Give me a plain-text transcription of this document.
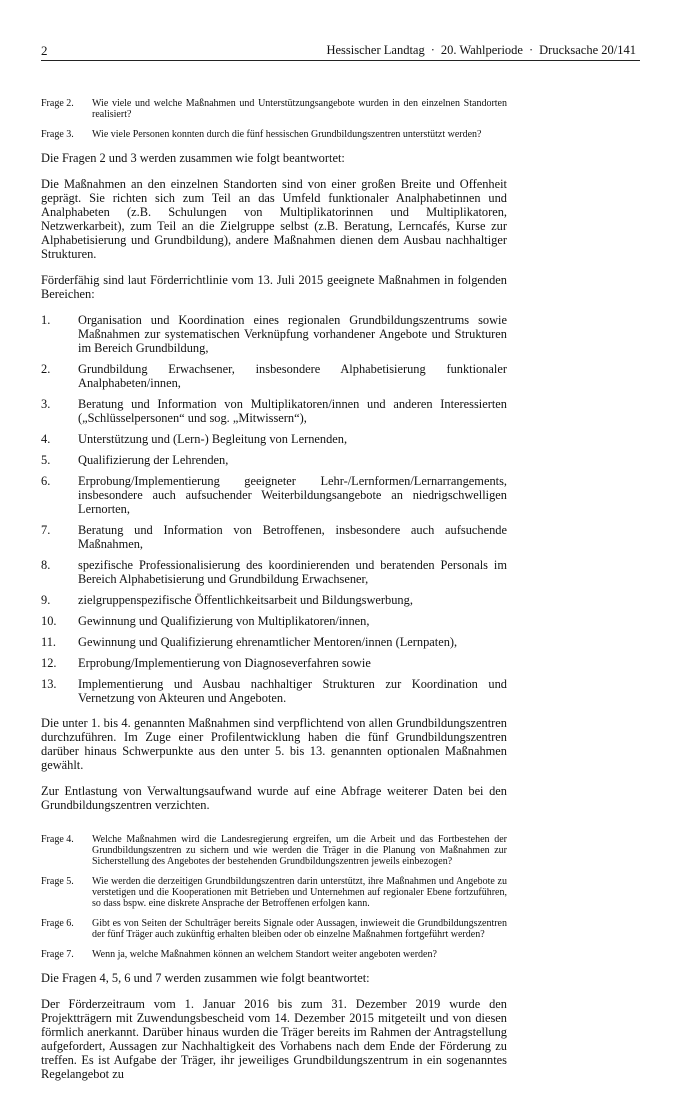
2	Hessischer Landtag · 20. Wahlperiode · Drucksache 20/141
Frage 2.	Wie viele und welche Maßnahmen und Unterstützungsangebote wurden in den einzelnen Standorten realisiert?
Frage 3.	Wie viele Personen konnten durch die fünf hessischen Grundbildungszentren unterstützt werden?

Die Fragen 2 und 3 werden zusammen wie folgt beantwortet:

Die Maßnahmen an den einzelnen Standorten sind von einer großen Breite und Offenheit geprägt. Sie richten sich zum Teil an das Umfeld funktionaler Analphabetinnen und Analphabeten (z.B. Schulungen von Multiplikatorinnen und Multiplikatoren, Netzwerkarbeit), zum Teil an die Zielgruppe selbst (z.B. Beratung, Lerncafés, Kurse zur Alphabetisierung und Grundbildung), andere Maßnahmen dienen dem Ausbau nachhaltiger Strukturen.

Förderfähig sind laut Förderrichtlinie vom 13. Juli 2015 geeignete Maßnahmen in folgenden Bereichen:

1.	Organisation und Koordination eines regionalen Grundbildungszentrums sowie Maßnahmen zur systematischen Verknüpfung vorhandener Angebote und Strukturen im Bereich Grundbildung,
2.	Grundbildung Erwachsener, insbesondere Alphabetisierung funktionaler Analphabeten/innen,
3.	Beratung und Information von Multiplikatoren/innen und anderen Interessierten („Schlüsselpersonen“ und sog. „Mitwissern“),
4.	Unterstützung und (Lern-) Begleitung von Lernenden,
5.	Qualifizierung der Lehrenden,
6.	Erprobung/Implementierung geeigneter Lehr-/Lernformen/Lernarrangements, insbesondere auch aufsuchender Weiterbildungsangebote an niedrigschwelligen Lernorten,
7.	Beratung und Information von Betroffenen, insbesondere auch aufsuchende Maßnahmen,
8.	spezifische Professionalisierung des koordinierenden und beratenden Personals im Bereich Alphabetisierung und Grundbildung Erwachsener,
9.	zielgruppenspezifische Öffentlichkeitsarbeit und Bildungswerbung,
10.	Gewinnung und Qualifizierung von Multiplikatoren/innen,
11.	Gewinnung und Qualifizierung ehrenamtlicher Mentoren/innen (Lernpaten),
12.	Erprobung/Implementierung von Diagnoseverfahren sowie
13.	Implementierung und Ausbau nachhaltiger Strukturen zur Koordination und Vernetzung von Akteuren und Angeboten.

Die unter 1. bis 4. genannten Maßnahmen sind verpflichtend von allen Grundbildungszentren durchzuführen. Im Zuge einer Profilentwicklung haben die fünf Grundbildungszentren darüber hinaus Schwerpunkte aus den unter 5. bis 13. genannten optionalen Maßnahmen gewählt.

Zur Entlastung von Verwaltungsaufwand wurde auf eine Abfrage weiterer Daten bei den Grundbildungszentren verzichten.

Frage 4.	Welche Maßnahmen wird die Landesregierung ergreifen, um die Arbeit und das Fortbestehen der Grundbildungszentren zu sichern und wie werden die Träger in die Planung von Maßnahmen zur Sicherstellung des Angebotes der bestehenden Grundbildungszentren jeweils einbezogen?
Frage 5.	Wie werden die derzeitigen Grundbildungszentren darin unterstützt, ihre Maßnahmen und Angebote zu verstetigen und die Kooperationen mit Betrieben und Unternehmen auf regionaler Ebene fortzuführen, so dass bspw. eine diskrete Ansprache der Betroffenen erfolgen kann.
Frage 6.	Gibt es von Seiten der Schulträger bereits Signale oder Aussagen, inwieweit die Grundbildungszentren der fünf Träger auch zukünftig erhalten bleiben oder ob einzelne Maßnahmen fortgeführt werden?
Frage 7.	Wenn ja, welche Maßnahmen können an welchem Standort weiter angeboten werden?

Die Fragen 4, 5, 6 und 7 werden zusammen wie folgt beantwortet:

Der Förderzeitraum vom 1. Januar 2016 bis zum 31. Dezember 2019 wurde den Projektträgern mit Zuwendungsbescheid vom 14. Dezember 2015 mitgeteilt und von diesen förmlich anerkannt. Darüber hinaus wurden die Träger bereits im Rahmen der Antragstellung aufgefordert, Aussagen zur Nachhaltigkeit des Vorhabens nach dem Ende der Förderung zu treffen. Es ist Aufgabe der Träger, ihr jeweiliges Grundbildungszentrum in ein sogenanntes Regelangebot zu
